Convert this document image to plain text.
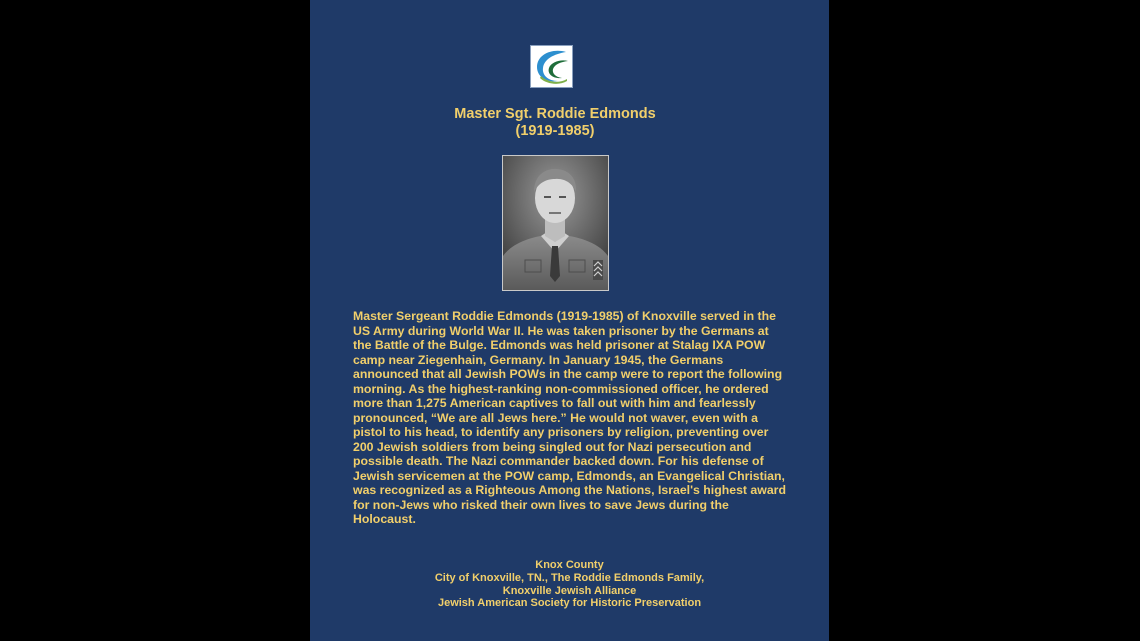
Master Sgt. Roddie Edmonds
(1919-1985)

Master Sergeant Roddie Edmonds (1919-1985) of Knoxville served in the US Army during World War II. He was taken prisoner by the Germans at the Battle of the Bulge. Edmonds was held prisoner at Stalag IXA POW camp near Ziegenhain, Germany. In January 1945, the Germans announced that all Jewish POWs in the camp were to report the following morning. As the highest-ranking non-commissioned officer, he ordered more than 1,275 American captives to fall out with him and fearlessly pronounced, “We are all Jews here.” He would not waver, even with a pistol to his head, to identify any prisoners by religion, preventing over 200 Jewish soldiers from being singled out for Nazi persecution and possible death. The Nazi commander backed down. For his defense of Jewish servicemen at the POW camp, Edmonds, an Evangelical Christian, was recognized as a Righteous Among the Nations, Israel's highest award for non-Jews who risked their own lives to save Jews during the Holocaust.

Knox County
City of Knoxville, TN., The Roddie Edmonds Family,
Knoxville Jewish Alliance
Jewish American Society for Historic Preservation
